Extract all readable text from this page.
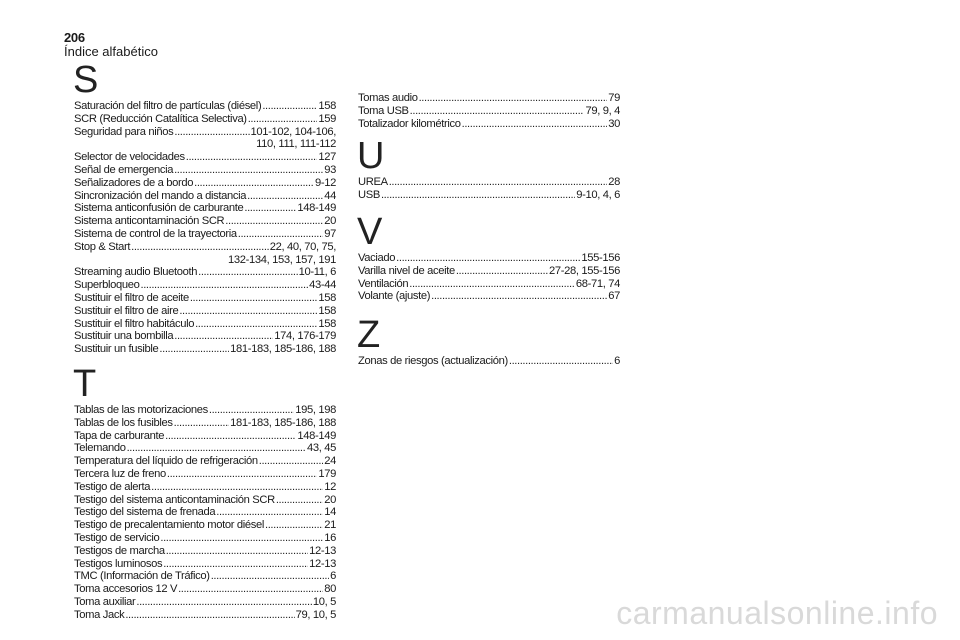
206
Índice alfabético
S
Saturación del filtro de partículas (diésel) .....	158
SCR (Reducción Catalítica Selectiva) .....	159
Seguridad para niños .....	101-102, 104-106,
110, 111, 111-112
Selector de velocidades .....	127
Señal de emergencia .....	93
Señalizadores de a bordo .....	9-12
Sincronización del mando a distancia .....	44
Sistema anticonfusión de carburante .....	148-149
Sistema anticontaminación SCR .....	20
Sistema de control de la trayectoria .....	97
Stop & Start .....	22, 40, 70, 75,
132-134, 153, 157, 191
Streaming audio Bluetooth .....	10-11, 6
Superbloqueo .....	43-44
Sustituir el filtro de aceite .....	158
Sustituir el filtro de aire .....	158
Sustituir el filtro habitáculo .....	158
Sustituir una bombilla .....	174, 176-179
Sustituir un fusible .....	181-183, 185-186, 188
T
Tablas de las motorizaciones .....	195, 198
Tablas de los fusibles .....	181-183, 185-186, 188
Tapa de carburante .....	148-149
Telemando .....	43, 45
Temperatura del líquido de refrigeración .....	24
Tercera luz de freno .....	179
Testigo de alerta .....	12
Testigo del sistema anticontaminación SCR .....	20
Testigo del sistema de frenada .....	14
Testigo de precalentamiento motor diésel .....	21
Testigo de servicio .....	16
Testigos de marcha .....	12-13
Testigos luminosos .....	12-13
TMC (Información de Tráfico) .....	6
Toma accesorios 12 V .....	80
Toma auxiliar .....	10, 5
Toma Jack .....	79, 10, 5
Tomas audio .....	79
Toma USB .....	79, 9, 4
Totalizador kilométrico .....	30
U
UREA .....	28
USB .....	9-10, 4, 6
V
Vaciado .....	155-156
Varilla nivel de aceite .....	27-28, 155-156
Ventilación .....	68-71, 74
Volante (ajuste) .....	67
Z
Zonas de riesgos (actualización) .....	6
carmanualsonline.info
